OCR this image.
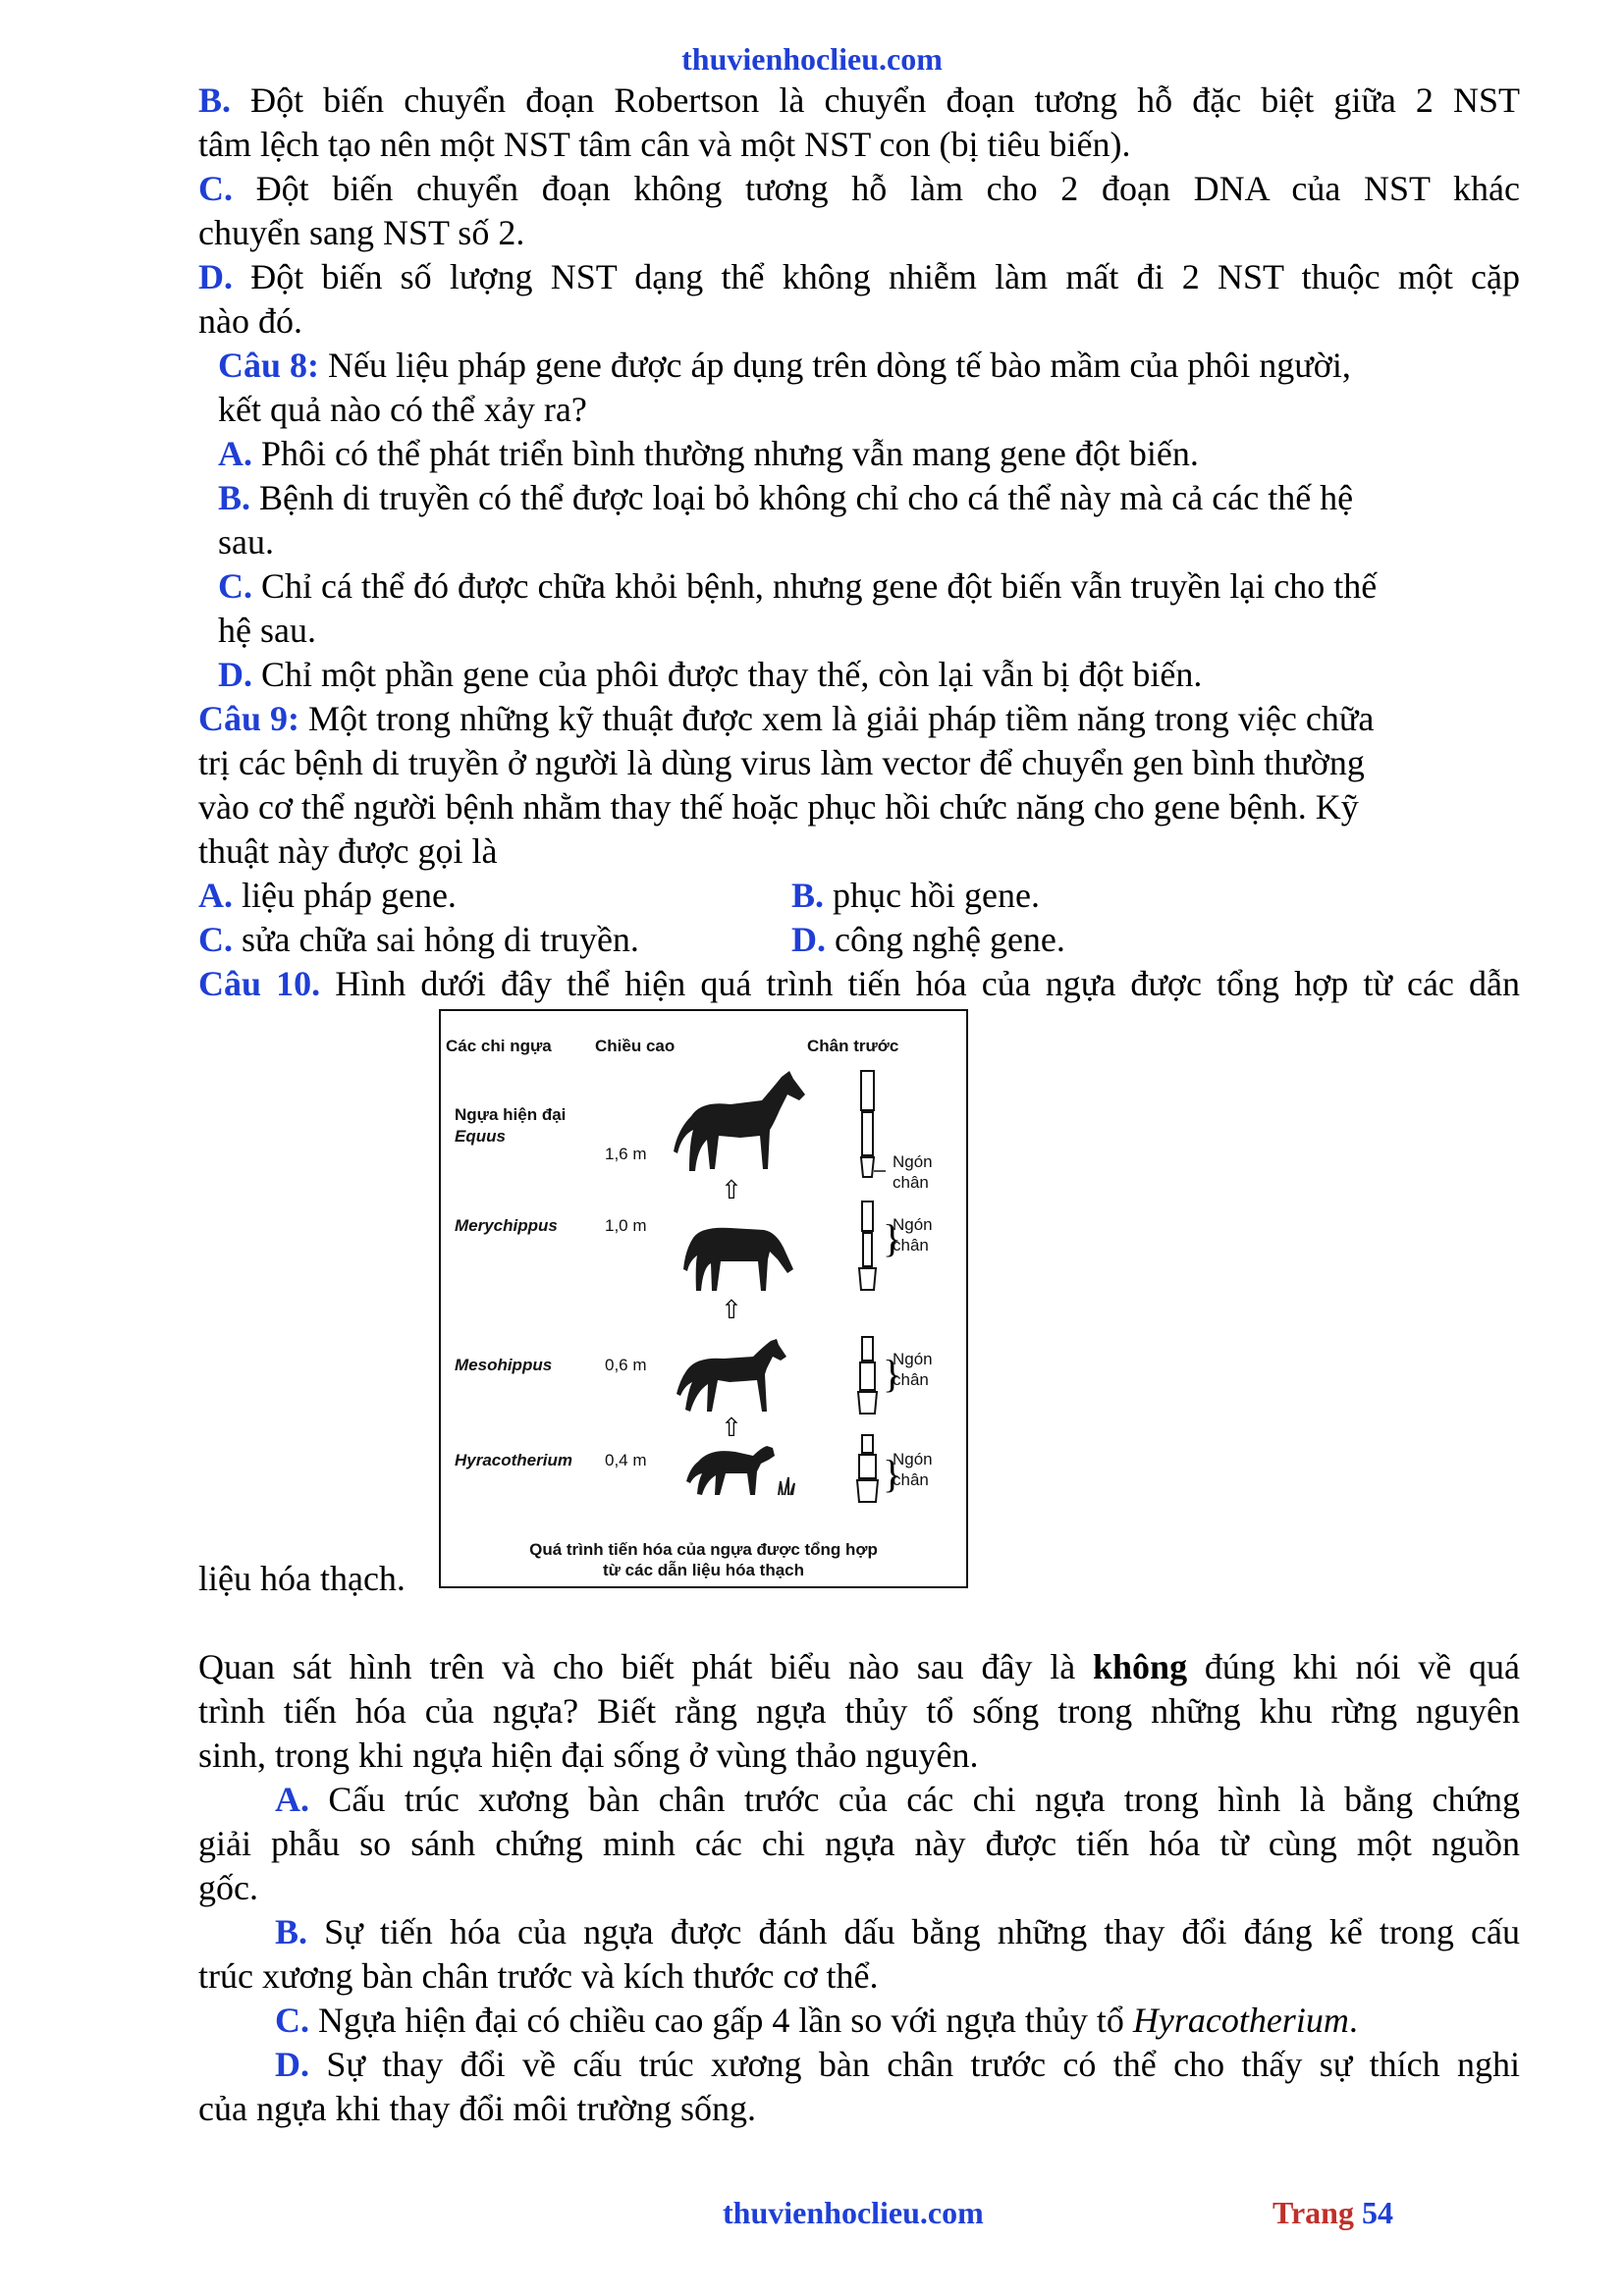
thuvienhoclieu.com
B. Đột biến chuyển đoạn Robertson là chuyển đoạn tương hỗ đặc biệt giữa 2 NST
tâm lệch tạo nên một NST tâm cân và một NST con (bị tiêu biến).
C. Đột biến chuyển đoạn không tương hỗ làm cho 2 đoạn DNA của NST khác
chuyển sang NST số 2.
D. Đột biến số lượng NST dạng thể không nhiễm làm mất đi 2 NST thuộc một cặp
nào đó.
Câu 8: Nếu liệu pháp gene được áp dụng trên dòng tế bào mầm của phôi người,
kết quả nào có thể xảy ra?
A. Phôi có thể phát triển bình thường nhưng vẫn mang gene đột biến.
B. Bệnh di truyền có thể được loại bỏ không chỉ cho cá thể này mà cả các thế hệ
sau.
C. Chỉ cá thể đó được chữa khỏi bệnh, nhưng gene đột biến vẫn truyền lại cho thế
hệ sau.
D. Chỉ một phần gene của phôi được thay thế, còn lại vẫn bị đột biến.
Câu 9: Một trong những kỹ thuật được xem là giải pháp tiềm năng trong việc chữa
trị các bệnh di truyền ở người là dùng virus làm vector để chuyển gen bình thường
vào cơ thể người bệnh nhằm thay thế hoặc phục hồi chức năng cho gene bệnh. Kỹ
thuật này được gọi là
A. liệu pháp gene.	B. phục hồi gene.
C. sửa chữa sai hỏng di truyền.	D. công nghệ gene.
Câu 10. Hình dưới đây thể hiện quá trình tiến hóa của ngựa được tổng hợp từ các dẫn
Các chi ngựa	Chiều cao	Chân trước
Ngựa hiện đại
Equus
1,6 m	Ngón
chân
⇧
Merychippus	1,0 m	}
Ngón
chân
⇧
Mesohippus	0,6 m	}
Ngón
chân
⇧
Hyracotherium 0,4 m	}
Ngón
chân
Quá trình tiến hóa của ngựa được tổng hợp
từ các dẫn liệu hóa thạch
liệu hóa thạch.
Quan sát hình trên và cho biết phát biểu nào sau đây là không đúng khi nói về quá
trình tiến hóa của ngựa? Biết rằng ngựa thủy tổ sống trong những khu rừng nguyên
sinh, trong khi ngựa hiện đại sống ở vùng thảo nguyên.
A. Cấu trúc xương bàn chân trước của các chi ngựa trong hình là bằng chứng
giải phẫu so sánh chứng minh các chi ngựa này được tiến hóa từ cùng một nguồn
gốc.
B. Sự tiến hóa của ngựa được đánh dấu bằng những thay đổi đáng kể trong cấu
trúc xương bàn chân trước và kích thước cơ thể.
C. Ngựa hiện đại có chiều cao gấp 4 lần so với ngựa thủy tổ Hyracotherium.
D. Sự thay đổi về cấu trúc xương bàn chân trước có thể cho thấy sự thích nghi
của ngựa khi thay đổi môi trường sống.
thuvienhoclieu.com	Trang 54
